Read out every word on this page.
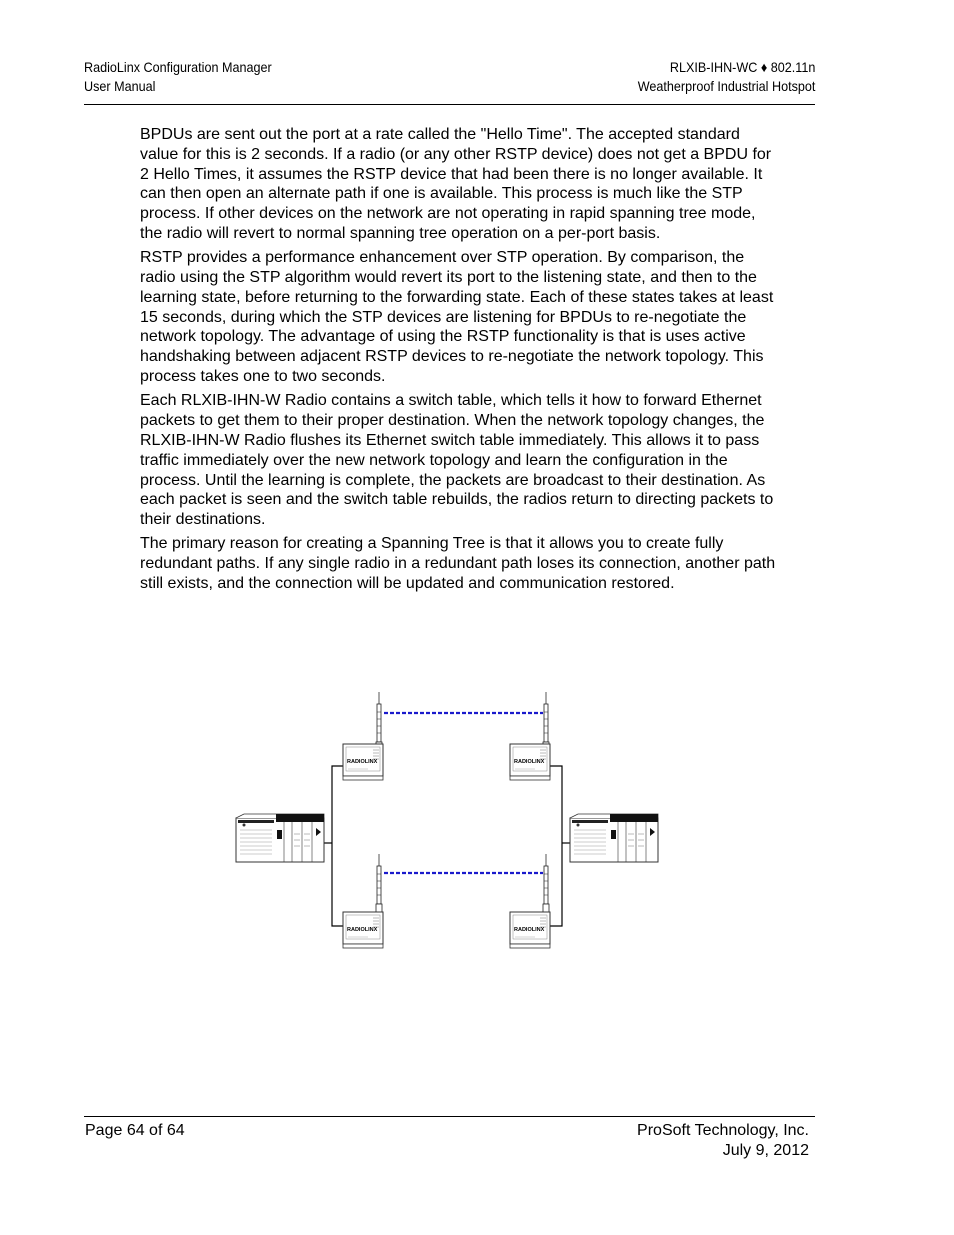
RadioLinx Configuration Manager
User Manual
RLXIB-IHN-WC ♦ 802.11n
Weatherproof Industrial Hotspot

BPDUs are sent out the port at a rate called the "Hello Time". The accepted standard value for this is 2 seconds. If a radio (or any other RSTP device) does not get a BPDU for 2 Hello Times, it assumes the RSTP device that had been there is no longer available. It can then open an alternate path if one is available. This process is much like the STP process. If other devices on the network are not operating in rapid spanning tree mode, the radio will revert to normal spanning tree operation on a per-port basis.

RSTP provides a performance enhancement over STP operation. By comparison, the radio using the STP algorithm would revert its port to the listening state, and then to the learning state, before returning to the forwarding state. Each of these states takes at least 15 seconds, during which the STP devices are listening for BPDUs to re-negotiate the network topology. The advantage of using the RSTP functionality is that is uses active handshaking between adjacent RSTP devices to re-negotiate the network topology. This process takes one to two seconds.

Each RLXIB-IHN-W Radio contains a switch table, which tells it how to forward Ethernet packets to get them to their proper destination. When the network topology changes, the RLXIB-IHN-W Radio flushes its Ethernet switch table immediately. This allows it to pass traffic immediately over the new network topology and learn the configuration in the process. Until the learning is complete, the packets are broadcast to their destination. As each packet is seen and the switch table rebuilds, the radios return to directing packets to their destinations.

The primary reason for creating a Spanning Tree is that it allows you to create fully redundant paths. If any single radio in a redundant path loses its connection, another path still exists, and the connection will be updated and communication restored.

RADIOLINX	RADIOLINX
RADIOLINX	RADIOLINX
Page 64 of 64	ProSoft Technology, Inc.
July 9, 2012
